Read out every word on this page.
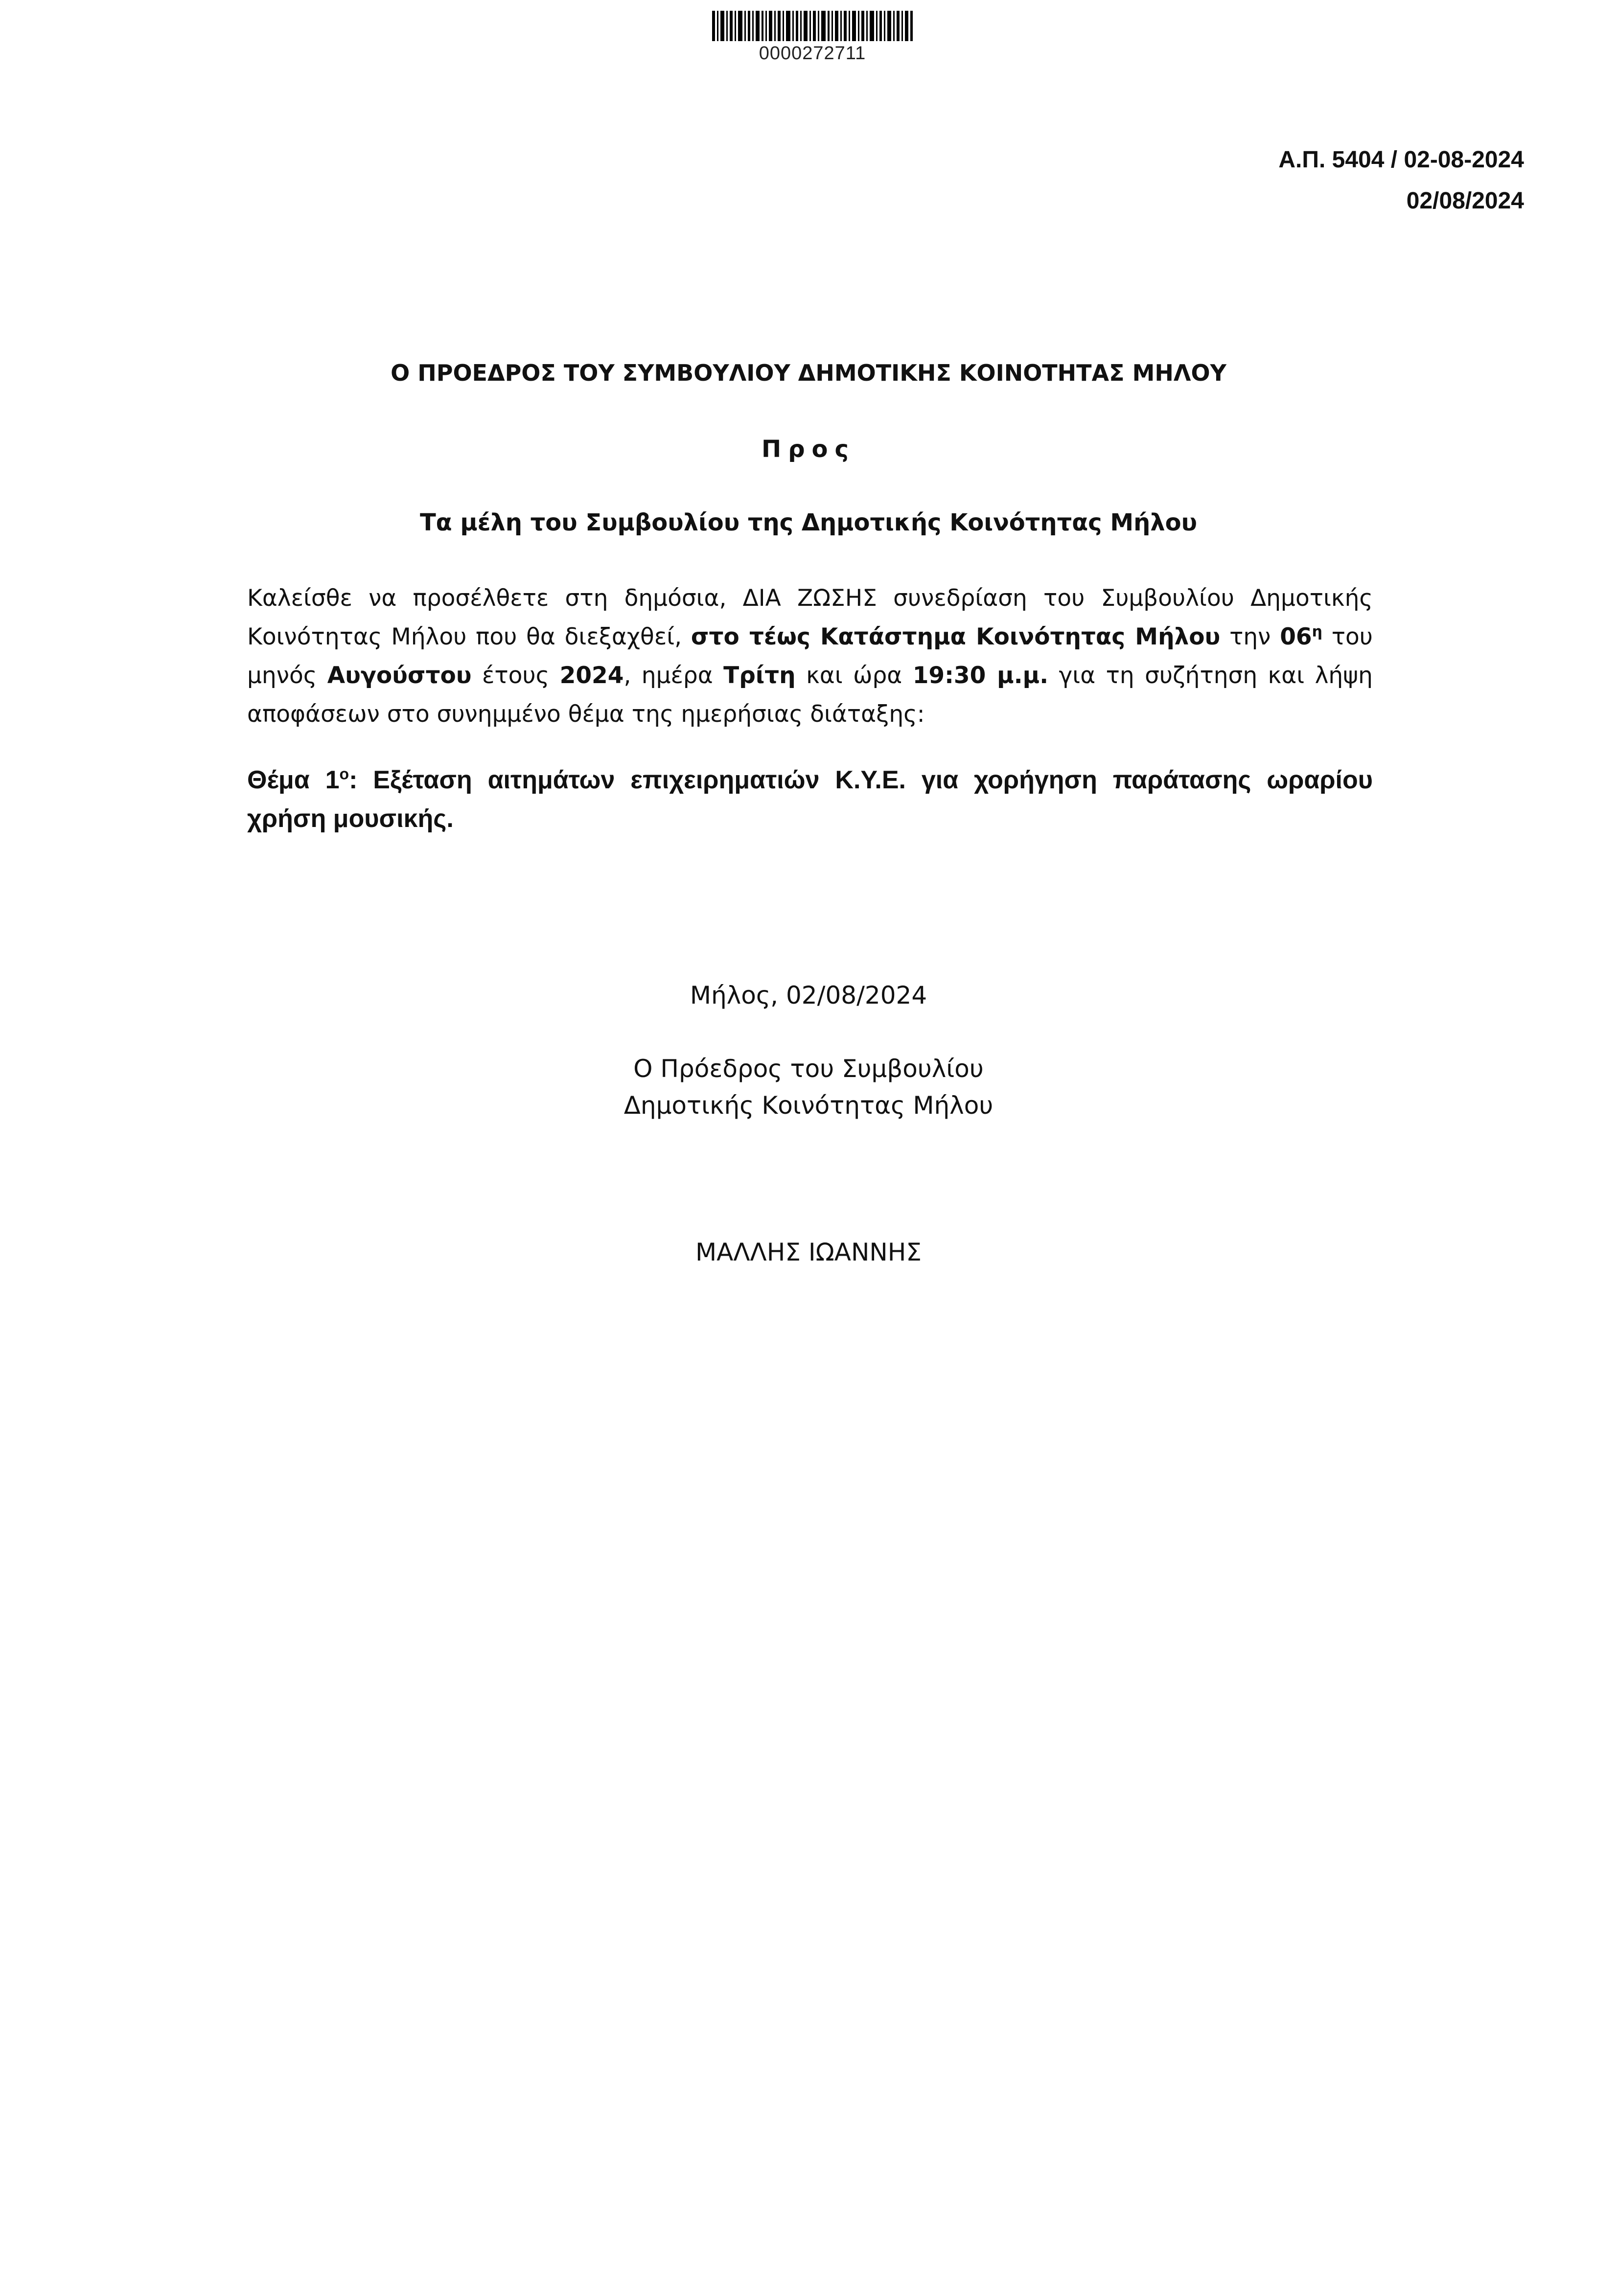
0000272711
Α.Π. 5404 / 02-08-2024
02/08/2024
Ο ΠΡΟΕΔΡΟΣ ΤΟΥ ΣΥΜΒΟΥΛΙΟΥ ΔΗΜΟΤΙΚΗΣ ΚΟΙΝΟΤΗΤΑΣ ΜΗΛΟΥ
Προς
Τα μέλη του Συμβουλίου της Δημοτικής Κοινότητας Μήλου
Καλείσθε να προσέλθετε στη δημόσια, ΔΙΑ ΖΩΣΗΣ συνεδρίαση του Συμβουλίου Δημοτικής Κοινότητας Μήλου που θα διεξαχθεί, στο τέως Κατάστημα Κοινότητας Μήλου την $06^\eta$ του μηνός Αυγούστου έτους 2024, ημέρα Τρίτη και ώρα 19:30 μ.μ. για τη συζήτηση και λήψη αποφάσεων στο συνημμένο θέμα της ημερήσιας διάταξης:
Θέμα $1^o$: Εξέταση αιτημάτων επιχειρηματιών Κ.Υ.Ε. για χορήγηση παράτασης ωραρίου χρήση μουσικής.
Μήλος, 02/08/2024
Ο Πρόεδρος του Συμβουλίου
Δημοτικής Κοινότητας Μήλου
ΜΑΛΛΗΣ ΙΩΑΝΝΗΣ
